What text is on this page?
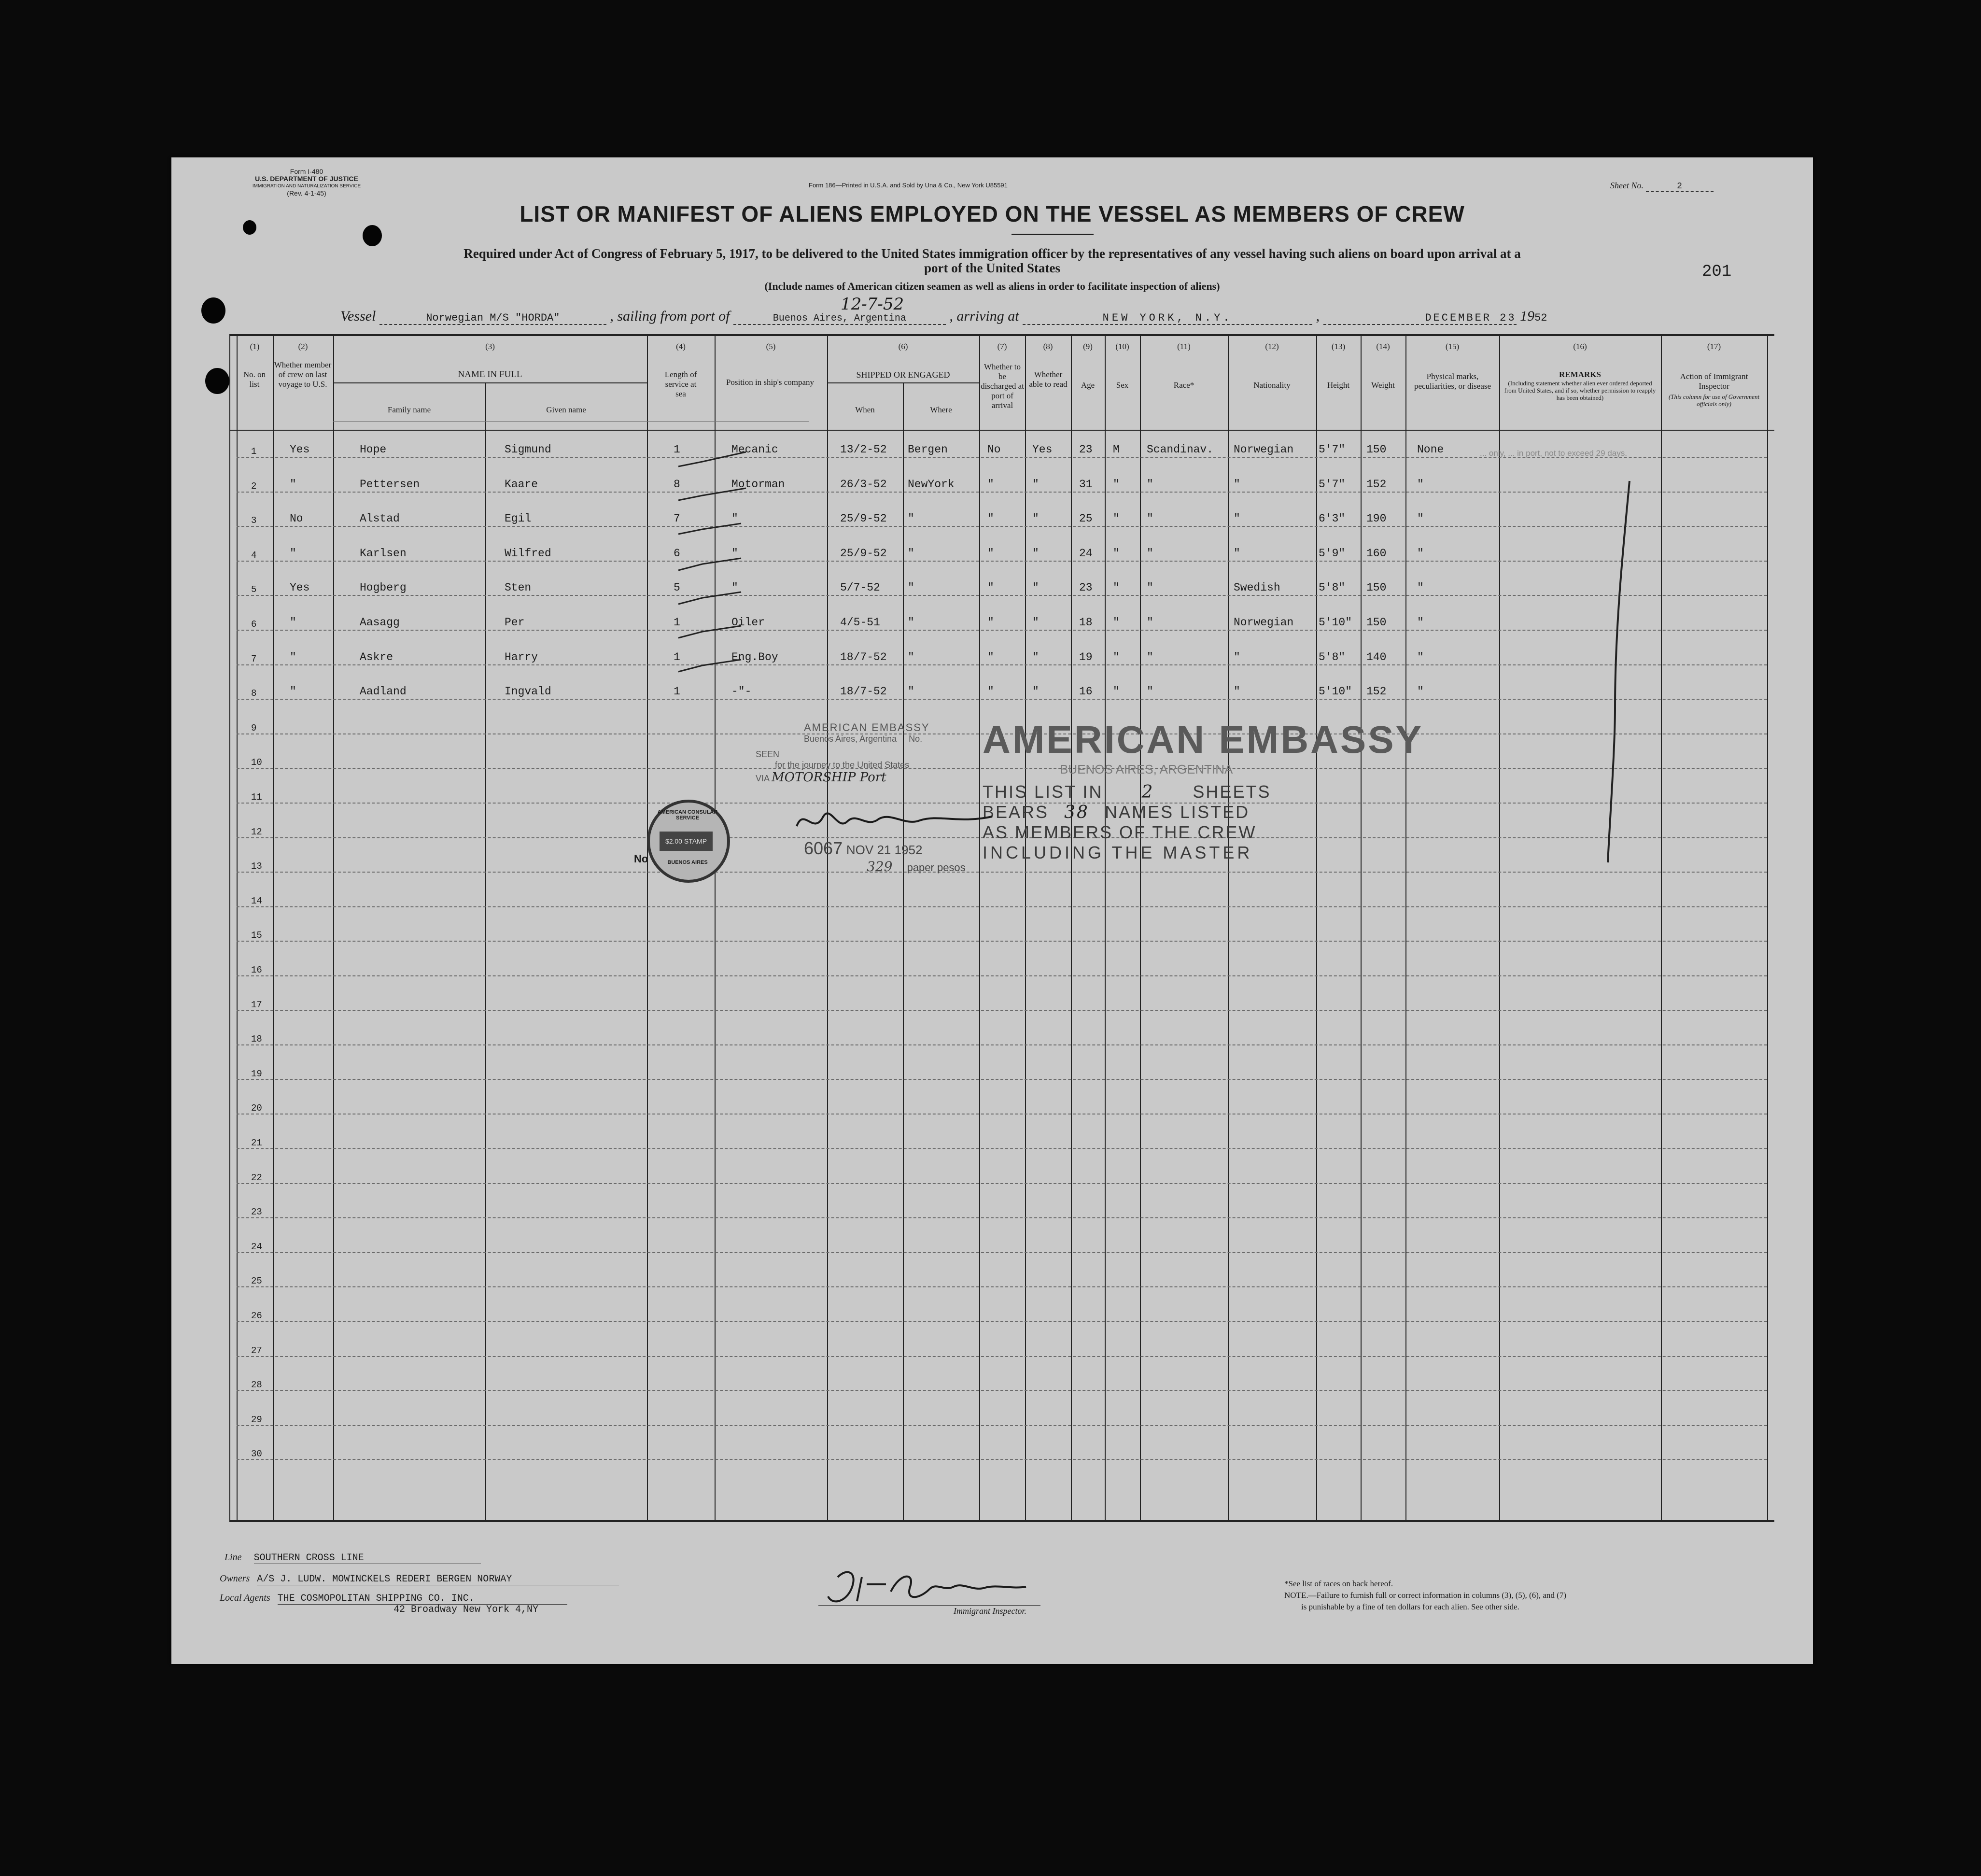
Form I-480
U.S. DEPARTMENT OF JUSTICE
IMMIGRATION AND NATURALIZATION SERVICE
(Rev. 4-1-45)
Form 186—Printed in U.S.A. and Sold by Una & Co., New York U85591	Sheet No.	2
LIST OR MANIFEST OF ALIENS EMPLOYED ON THE VESSEL AS MEMBERS OF CREW
Required under Act of Congress of February 5, 1917, to be delivered to the United States immigration officer by the representatives of any vessel having such aliens on board upon arrival at a
port of the United States
(Include names of American citizen seamen as well as aliens in order to facilitate inspection of aliens)
201
Vessel	Norwegian M/S "HORDA"	, sailing from port of	Buenos Aires, Argentina	, arriving at	NEW YORK, N.Y.	,	DECEMBER 23 1952
12-7-52
(1)	(2)	(3)	(4)	(5)	(6)	(7)	(8)	(9)	(10)	(11)	(12)	(13)	(14)	(15)	(16)	(17)
No. on list
Whether member of crew on last voyage to U.S.
NAME IN FULL
Family name	Given name
Length of service at sea
Position in ship's company
SHIPPED OR ENGAGED
When	Where
Whether to be discharged at port of arrival
Whether able to read	Age	Sex	Race*	Nationality	Height	Weight
Physical marks, peculiarities, or disease
REMARKS
(Including statement whether alien ever ordered deported from United States, and if so, whether permission to reapply has been obtained)
Action of Immigrant Inspector
(This column for use of Government officials only)
1	Yes	Hope	Sigmund	1	Mecanic	13/2-52	Bergen	No	Yes	23	M	Scandinav.	Norwegian	5'7"	150	None
2	"	Pettersen	Kaare	8	Motorman	26/3-52	NewYork	"	"	31	"	"	"	5'7"	152	"
3	No	Alstad	Egil	7	"	25/9-52	"	"	"	25	"	"	"	6'3"	190	"
4	"	Karlsen	Wilfred	6	"	25/9-52	"	"	"	24	"	"	"	5'9"	160	"
5	Yes	Hogberg	Sten	5	"	5/7-52	"	"	"	23	"	"	Swedish	5'8"	150	"
6	"	Aasagg	Per	1	Oiler	4/5-51	"	"	"	18	"	"	Norwegian	5'10"	150	"
7	"	Askre	Harry	1	Eng.Boy	18/7-52	"	"	"	19	"	"	"	5'8"	140	"
8	"	Aadland	Ingvald	1	-"-	18/7-52	"	"	"	16	"	"	"	5'10"	152	"
9
10
11
12
13
14
15
16
17
18
19
20
21
22
23
24
25
26
27
28
29
30
... only, ... in port, not to exceed 29 days.
AMERICAN EMBASSY
BUENOS AIRES, ARGENTINA
THIS LIST IN 2 SHEETS
BEARS 38 NAMES LISTED
AS MEMBERS OF THE CREW
INCLUDING THE MASTER
AMERICAN EMBASSY
Buenos Aires, Argentina No.
SEEN
for the journey to the United States
VIA MOTORSHIP Port
6067 NOV 21 1952
329 paper pesos
AMERICAN CONSULAR SERVICE
$2.00 STAMP
BUENOS AIRES
No
Line SOUTHERN CROSS LINE
Owners A/S J. LUDW. MOWINCKELS REDERI BERGEN NORWAY
Local Agents THE COSMOPOLITAN SHIPPING CO. INC.
42 Broadway New York 4,NY	Immigrant Inspector.
*See list of races on back hereof.
NOTE.—Failure to furnish full or correct information in columns (3), (5), (6), and (7)
is punishable by a fine of ten dollars for each alien. See other side.
